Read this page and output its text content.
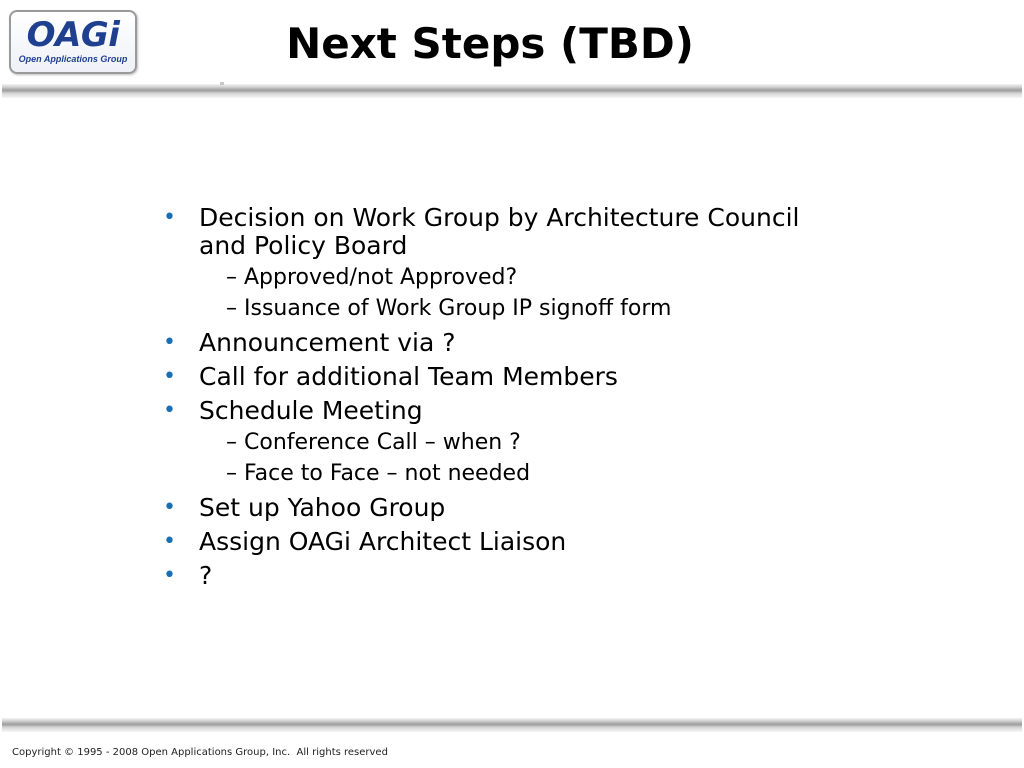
OAGi
Open Applications Group	Next Steps (TBD)
• Decision on Work Group by Architecture Council and Policy Board
– Approved/not Approved?
– Issuance of Work Group IP signoff form
• Announcement via ?
• Call for additional Team Members
• Schedule Meeting
– Conference Call – when ?
– Face to Face – not needed
• Set up Yahoo Group
• Assign OAGi Architect Liaison
• ?
Copyright © 1995 - 2008 Open Applications Group, Inc.  All rights reserved
